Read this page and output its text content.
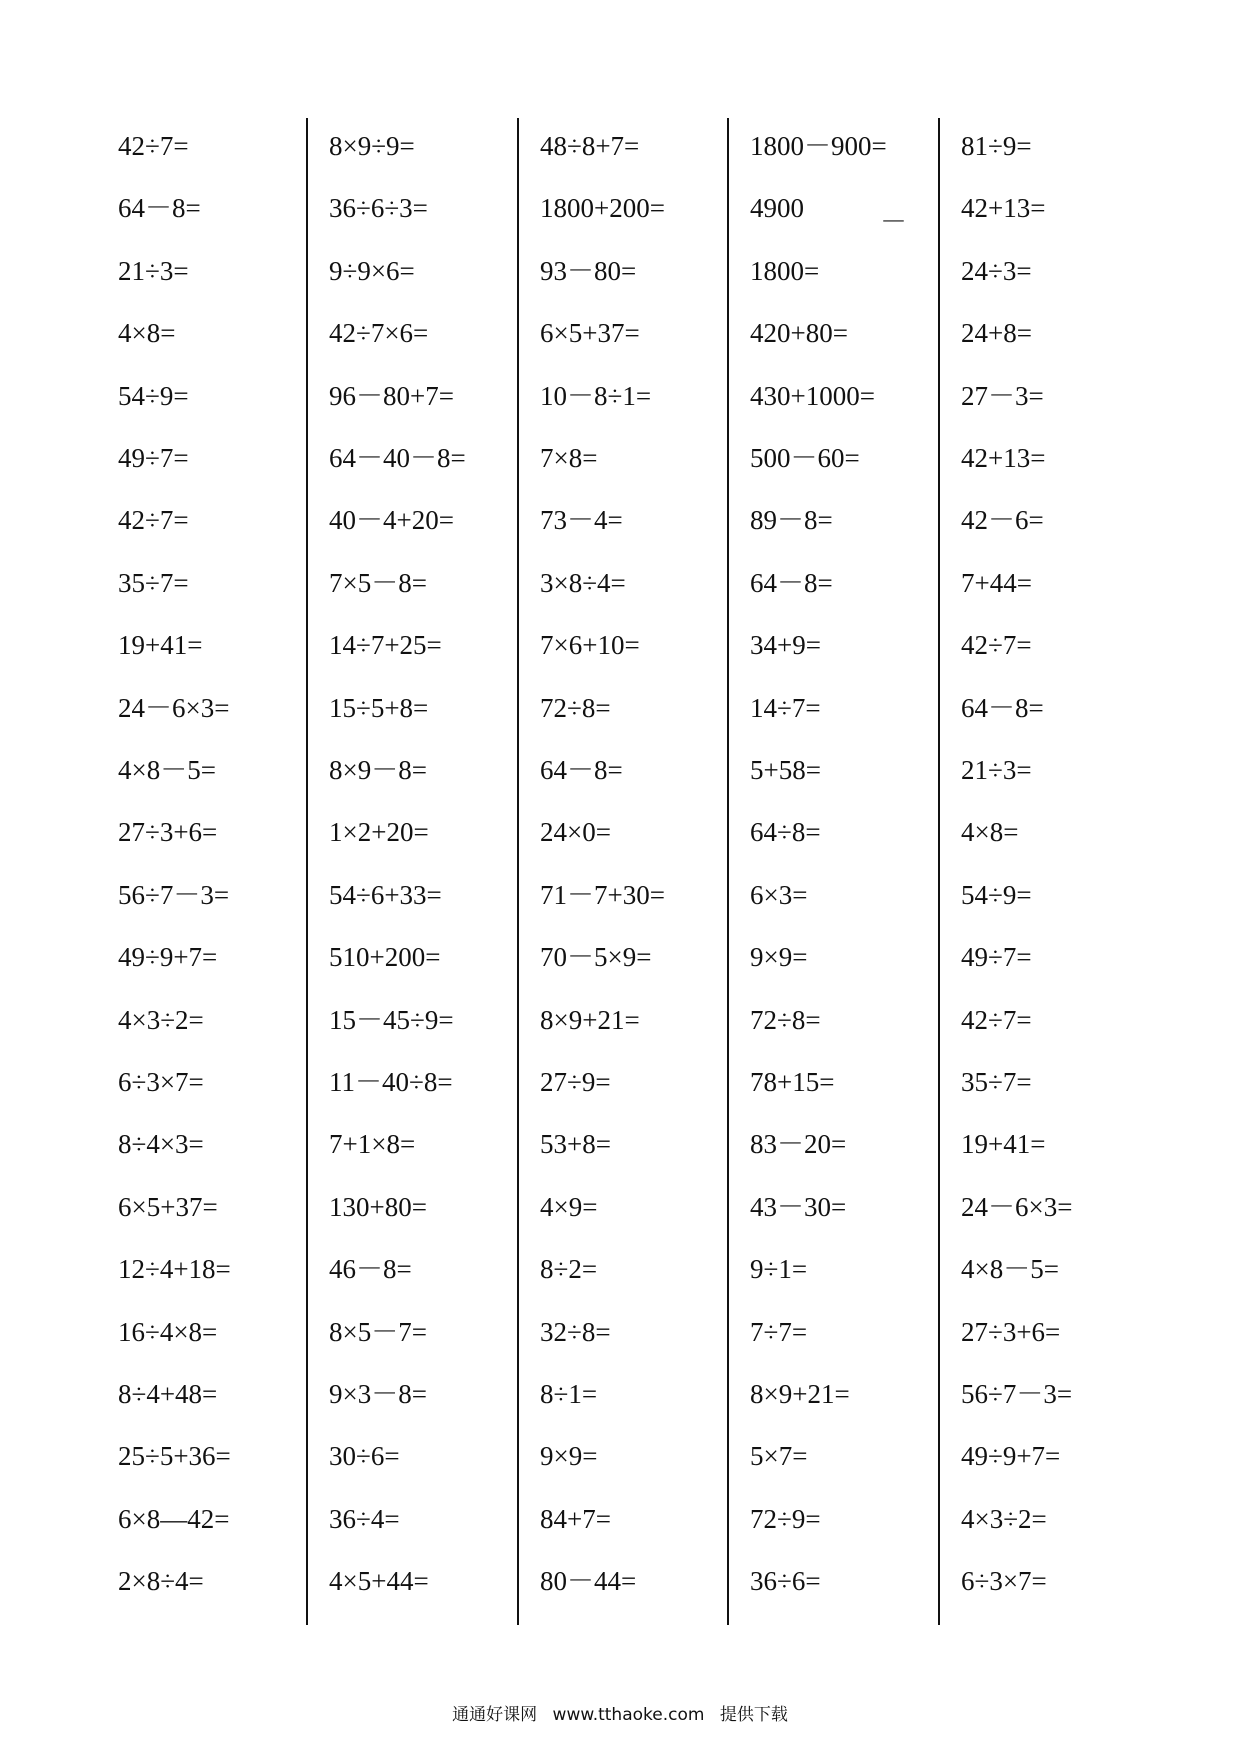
42÷7=
64－8=
21÷3=
4×8=
54÷9=
49÷7=
42÷7=
35÷7=
19+41=
24－6×3=
4×8－5=
27÷3+6=
56÷7－3=
49÷9+7=
4×3÷2=
6÷3×7=
8÷4×3=
6×5+37=
12÷4+18=
16÷4×8=
8÷4+48=
25÷5+36=
6×8—42=
2×8÷4=
8×9÷9=
36÷6÷3=
9÷9×6=
42÷7×6=
96－80+7=
64－40－8=
40－4+20=
7×5－8=
14÷7+25=
15÷5+8=
8×9－8=
1×2+20=
54÷6+33=
510+200=
15－45÷9=
11－40÷8=
7+1×8=
130+80=
46－8=
8×5－7=
9×3－8=
30÷6=
36÷4=
4×5+44=
48÷8+7=
1800+200=
93－80=
6×5+37=
10－8÷1=
7×8=
73－4=
3×8÷4=
7×6+10=
72÷8=
64－8=
24×0=
71－7+30=
70－5×9=
8×9+21=
27÷9=
53+8=
4×9=
8÷2=
32÷8=
8÷1=
9×9=
84+7=
80－44=
1800－900=
4900
1800=
420+80=
430+1000=
500－60=
89－8=
64－8=
34+9=
14÷7=
5+58=
64÷8=
6×3=
9×9=
72÷8=
78+15=
83－20=
43－30=
9÷1=
7÷7=
8×9+21=
5×7=
72÷9=
36÷6=
81÷9=
42+13=
24÷3=
24+8=
27－3=
42+13=
42－6=
7+44=
42÷7=
64－8=
21÷3=
4×8=
54÷9=
49÷7=
42÷7=
35÷7=
19+41=
24－6×3=
4×8－5=
27÷3+6=
56÷7－3=
49÷9+7=
4×3÷2=
6÷3×7=
－
通通好课网 www.tthaoke.com 提供下载
